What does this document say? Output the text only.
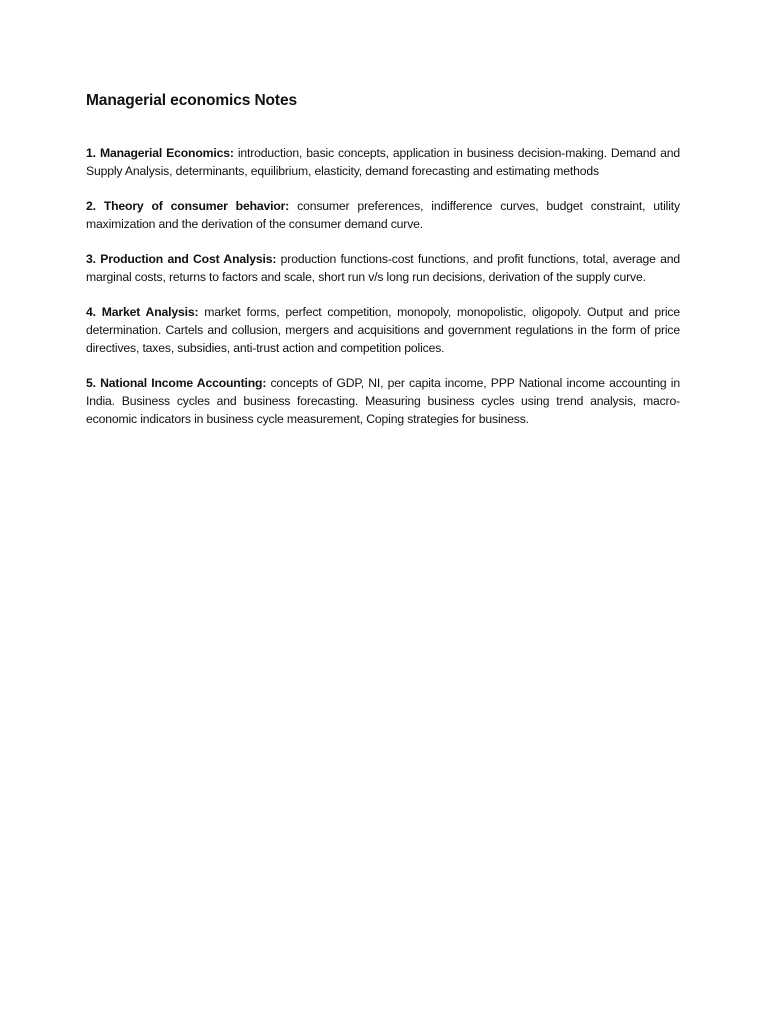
Managerial economics Notes

1. Managerial Economics: introduction, basic concepts, application in business decision-making. Demand and Supply Analysis, determinants, equilibrium, elasticity, demand forecasting and estimating methods

2. Theory of consumer behavior: consumer preferences, indifference curves, budget constraint, utility maximization and the derivation of the consumer demand curve.

3. Production and Cost Analysis: production functions-cost functions, and profit functions, total, average and marginal costs, returns to factors and scale, short run v/s long run decisions, derivation of the supply curve.

4. Market Analysis: market forms, perfect competition, monopoly, monopolistic, oligopoly. Output and price determination. Cartels and collusion, mergers and acquisitions and government regulations in the form of price directives, taxes, subsidies, anti-trust action and competition polices.

5. National Income Accounting: concepts of GDP, NI, per capita income, PPP National income accounting in India. Business cycles and business forecasting. Measuring business cycles using trend analysis, macro-economic indicators in business cycle measurement, Coping strategies for business.
